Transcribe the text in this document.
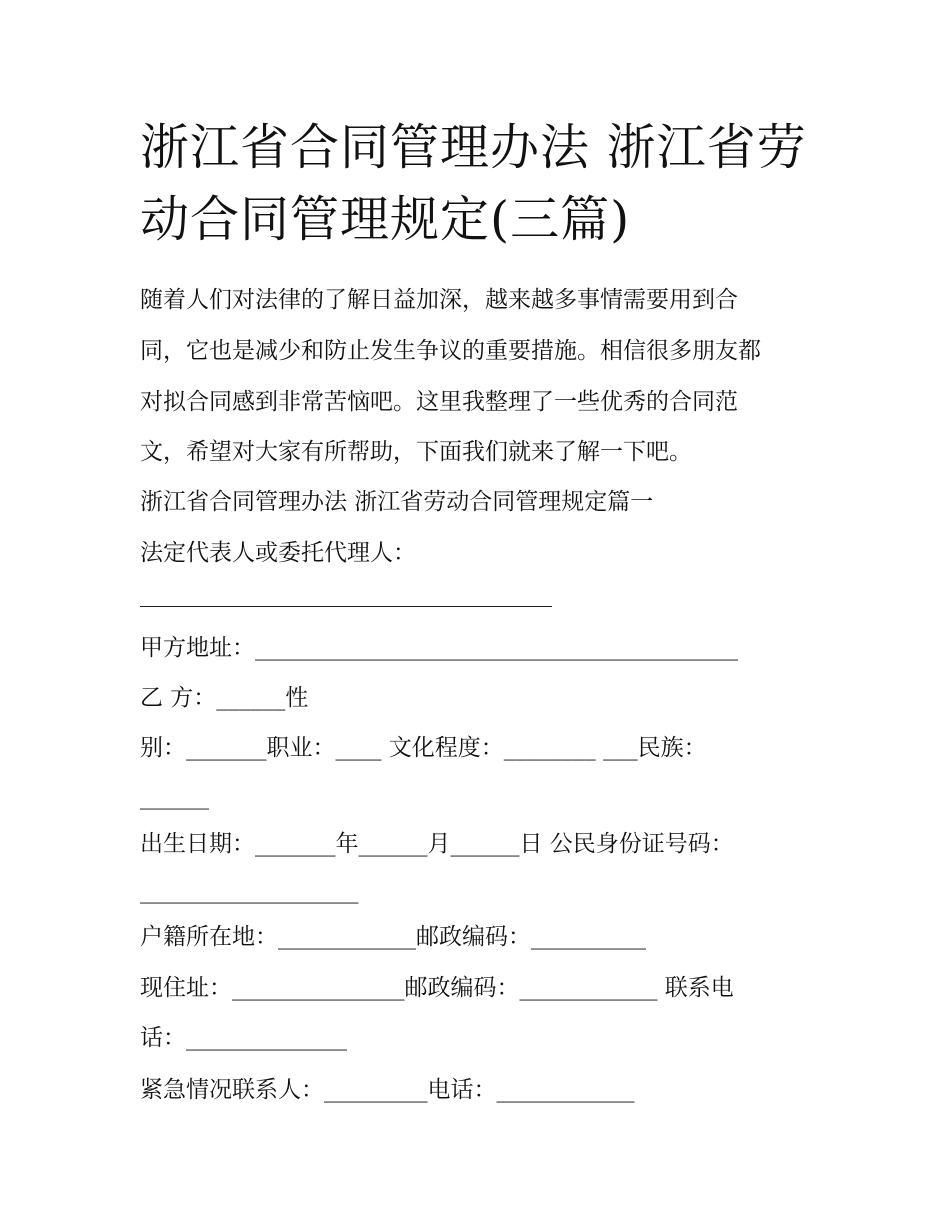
浙江省合同管理办法 浙江省劳动合同管理规定(三篇)
随着人们对法律的了解日益加深，越来越多事情需要用到合
同，它也是减少和防止发生争议的重要措施。相信很多朋友都
对拟合同感到非常苦恼吧。这里我整理了一些优秀的合同范
文，希望对大家有所帮助，下面我们就来了解一下吧。
浙江省合同管理办法 浙江省劳动合同管理规定篇一
法定代表人或委托代理人：
________________________________
甲方地址：__________________________________________
乙 方：______性
别：_______职业：____ 文化程度：________ ___民族：
______
出生日期：_______年______月______日 公民身份证号码：
___________________
户籍所在地：____________邮政编码：__________
现住址：_______________邮政编码：____________ 联系电
话：______________
紧急情况联系人：_________电话：____________
